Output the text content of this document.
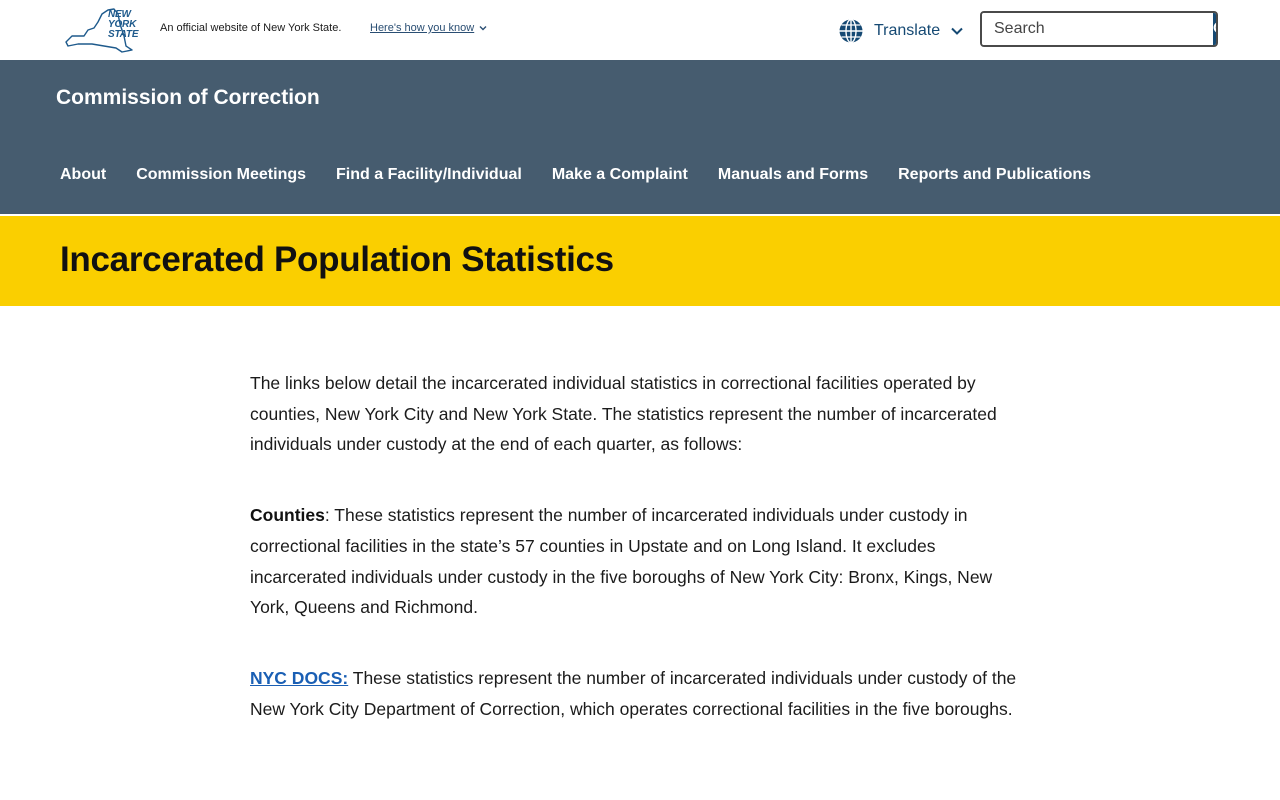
NEW
YORK
STATE
An official website of New York State.	Here's how you know	Translate
Search
Commission of Correction
About	Commission Meetings	Find a Facility/Individual	Make a Complaint	Manuals and Forms	Reports and Publications
Incarcerated Population Statistics

The links below detail the incarcerated individual statistics in correctional facilities operated by counties, New York City and New York State. The statistics represent the number of incarcerated individuals under custody at the end of each quarter, as follows:

Counties: These statistics represent the number of incarcerated individuals under custody in correctional facilities in the state’s 57 counties in Upstate and on Long Island. It excludes incarcerated individuals under custody in the five boroughs of New York City: Bronx, Kings, New York, Queens and Richmond.

NYC DOCS: These statistics represent the number of incarcerated individuals under custody of the New York City Department of Correction, which operates correctional facilities in the five boroughs.
